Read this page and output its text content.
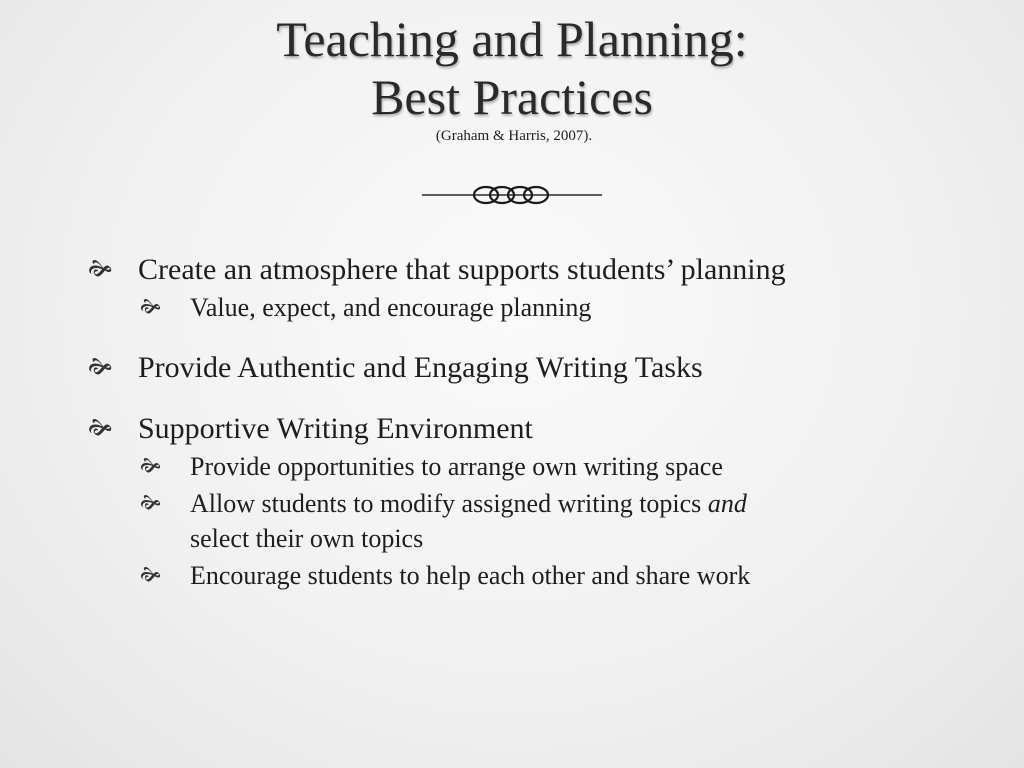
Teaching and Planning:
Best Practices
(Graham & Harris, 2007).
🙞 Create an atmosphere that supports students’ planning
🙞 Value, expect, and encourage planning
🙞 Provide Authentic and Engaging Writing Tasks
🙞 Supportive Writing Environment
🙞 Provide opportunities to arrange own writing space
🙞 Allow students to modify assigned writing topics and
select their own topics
🙞 Encourage students to help each other and share work
